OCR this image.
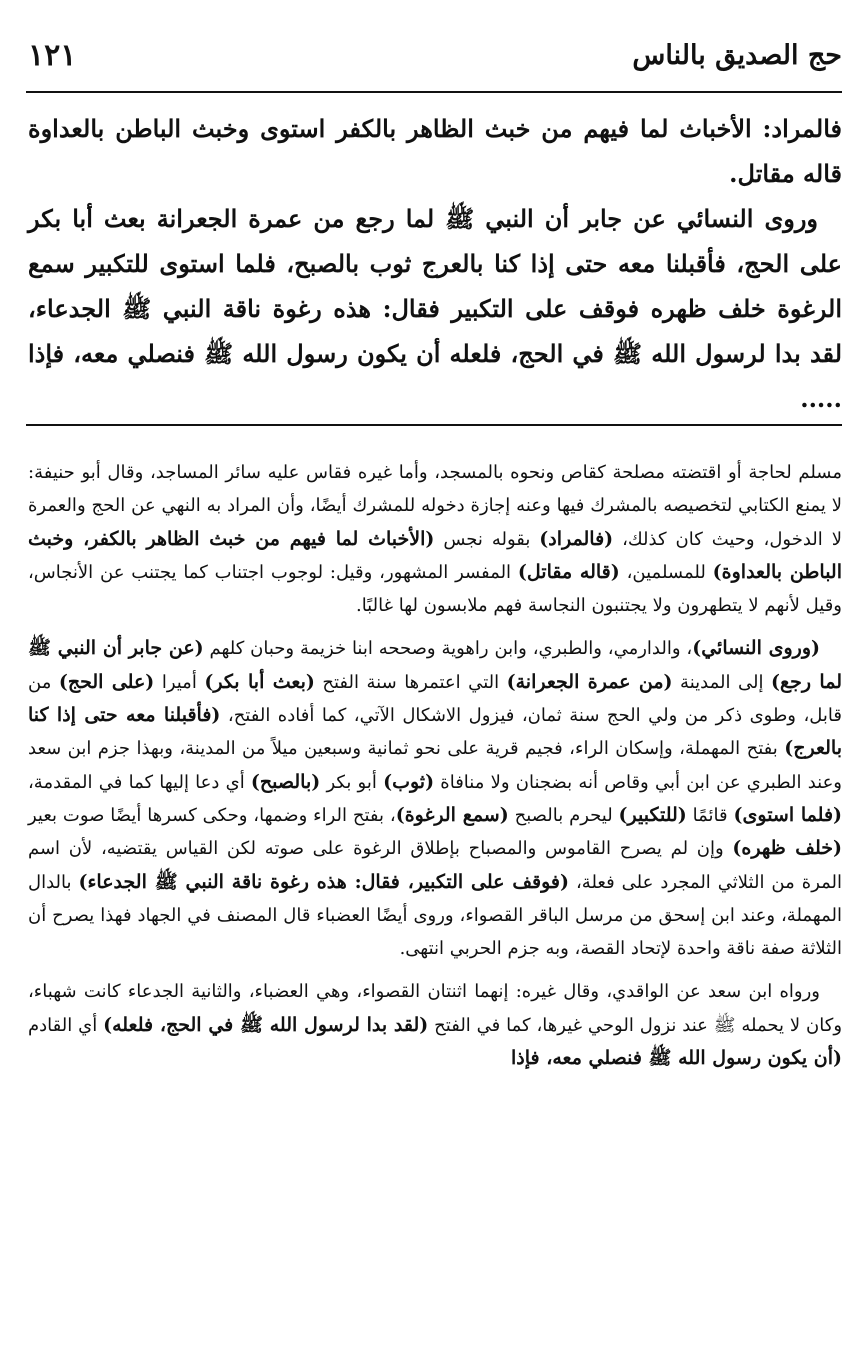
حج الصديق بالناس
١٢١

فالمراد: الأخباث لما فيهم من خبث الظاهر بالكفر استوى وخبث الباطن بالعداوة قاله مقاتل.

وروى النسائي عن جابر أن النبي ﷺ لما رجع من عمرة الجعرانة بعث أبا بكر على الحج، فأقبلنا معه حتى إذا كنا بالعرج ثوب بالصبح، فلما استوى للتكبير سمع الرغوة خلف ظهره فوقف على التكبير فقال: هذه رغوة ناقة النبي ﷺ الجدعاء، لقد بدا لرسول الله ﷺ في الحج، فلعله أن يكون رسول الله ﷺ فنصلي معه، فإذا .....

مسلم لحاجة أو اقتضته مصلحة كقاص ونحوه بالمسجد، وأما غيره فقاس عليه سائر المساجد، وقال أبو حنيفة: لا يمنع الكتابي لتخصيصه بالمشرك فيها وعنه إجازة دخوله للمشرك أيضًا، وأن المراد به النهي عن الحج والعمرة لا الدخول، وحيث كان كذلك، (فالمراد) بقوله نجس (الأخباث لما فيهم من خبث الظاهر بالكفر، وخبث الباطن بالعداوة) للمسلمين، (قاله مقاتل) المفسر المشهور، وقيل: لوجوب اجتناب كما يجتنب عن الأنجاس، وقيل لأنهم لا يتطهرون ولا يجتنبون النجاسة فهم ملابسون لها غالبًا.

(وروى النسائي)، والدارمي، والطبري، وابن راهوية وصححه ابنا خزيمة وحبان كلهم (عن جابر أن النبي ﷺ لما رجع) إلى المدينة (من عمرة الجعرانة) التي اعتمرها سنة الفتح (بعث أبا بكر) أميرا (على الحج) من قابل، وطوى ذكر من ولي الحج سنة ثمان، فيزول الاشكال الآتي، كما أفاده الفتح، (فأقبلنا معه حتى إذا كنا بالعرج) بفتح المهملة، وإسكان الراء، فجيم قرية على نحو ثمانية وسبعين ميلاً من المدينة، وبهذا جزم ابن سعد وعند الطبري عن ابن أبي وقاص أنه بضجنان ولا منافاة (ثوب) أبو بكر (بالصبح) أي دعا إليها كما في المقدمة، (فلما استوى) قائمًا (للتكبير) ليحرم بالصبح (سمع الرغوة)، بفتح الراء وضمها، وحكى كسرها أيضًا صوت بعير (خلف ظهره) وإن لم يصرح القاموس والمصباح بإطلاق الرغوة على صوته لكن القياس يقتضيه، لأن اسم المرة من الثلاثي المجرد على فعلة، (فوقف على التكبير، فقال: هذه رغوة ناقة النبي ﷺ الجدعاء) بالدال المهملة، وعند ابن إسحق من مرسل الباقر القصواء، وروى أيضًا العضباء قال المصنف في الجهاد فهذا يصرح أن الثلاثة صفة ناقة واحدة لإتحاد القصة، وبه جزم الحربي انتهى.

ورواه ابن سعد عن الواقدي، وقال غيره: إنهما اثنتان القصواء، وهي العضباء، والثانية الجدعاء كانت شهباء، وكان لا يحمله ﷺ عند نزول الوحي غيرها، كما في الفتح (لقد بدا لرسول الله ﷺ في الحج، فلعله) أي القادم (أن يكون رسول الله ﷺ فنصلي معه، فإذا
